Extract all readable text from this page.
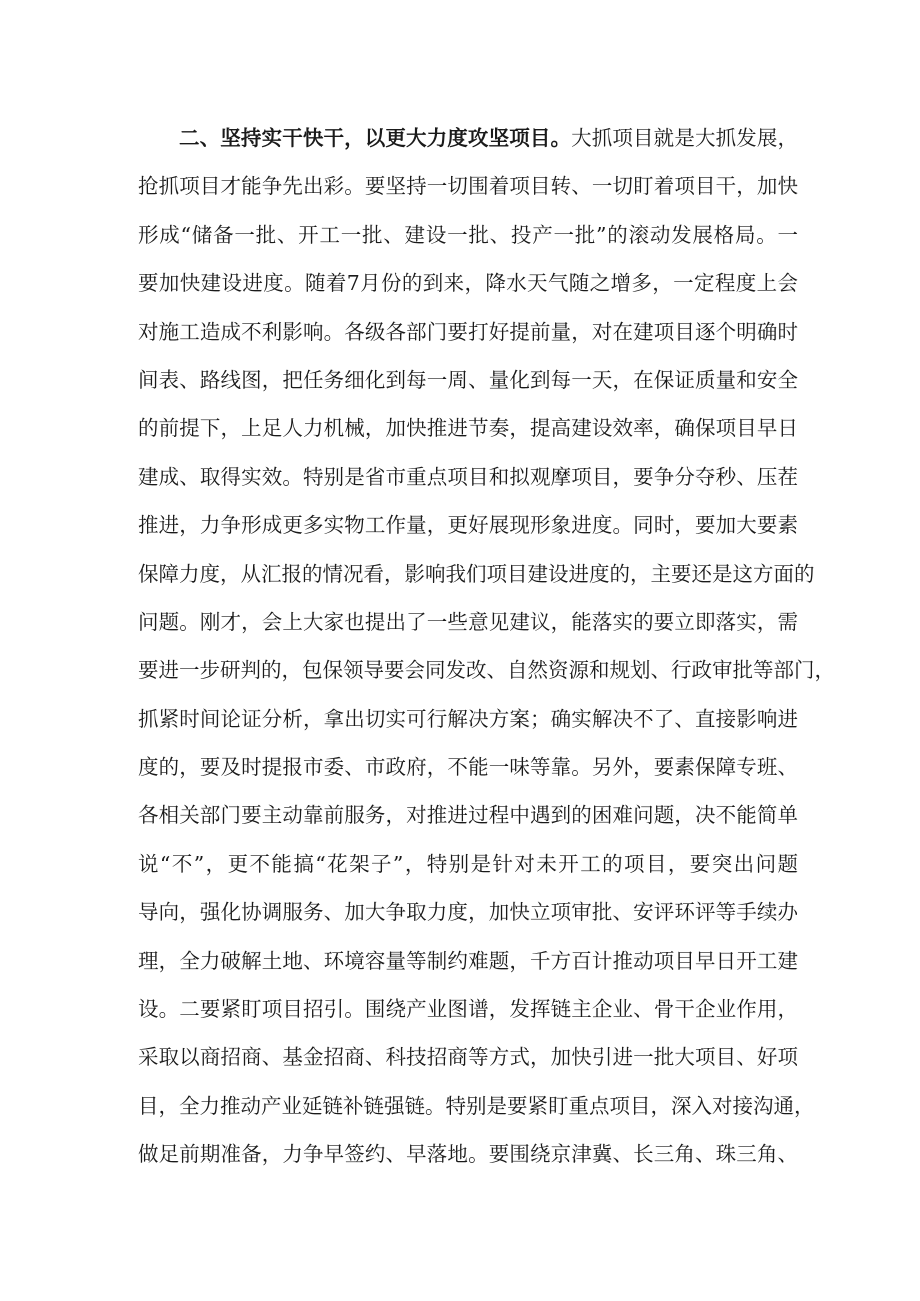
二、坚持实干快干，以更大力度攻坚项目。大抓项目就是大抓发展，
抢抓项目才能争先出彩。要坚持一切围着项目转、一切盯着项目干，加快
形成“储备一批、开工一批、建设一批、投产一批”的滚动发展格局。一
要加快建设进度。随着7月份的到来，降水天气随之增多，一定程度上会
对施工造成不利影响。各级各部门要打好提前量，对在建项目逐个明确时
间表、路线图，把任务细化到每一周、量化到每一天，在保证质量和安全
的前提下，上足人力机械，加快推进节奏，提高建设效率，确保项目早日
建成、取得实效。特别是省市重点项目和拟观摩项目，要争分夺秒、压茬
推进，力争形成更多实物工作量，更好展现形象进度。同时，要加大要素
保障力度，从汇报的情况看，影响我们项目建设进度的，主要还是这方面的
问题。刚才，会上大家也提出了一些意见建议，能落实的要立即落实，需
要进一步研判的，包保领导要会同发改、自然资源和规划、行政审批等部门，
抓紧时间论证分析，拿出切实可行解决方案；确实解决不了、直接影响进
度的，要及时提报市委、市政府，不能一味等靠。另外，要素保障专班、
各相关部门要主动靠前服务，对推进过程中遇到的困难问题，决不能简单
说“不”，更不能搞“花架子”，特别是针对未开工的项目，要突出问题
导向，强化协调服务、加大争取力度，加快立项审批、安评环评等手续办
理，全力破解土地、环境容量等制约难题，千方百计推动项目早日开工建
设。二要紧盯项目招引。围绕产业图谱，发挥链主企业、骨干企业作用，
采取以商招商、基金招商、科技招商等方式，加快引进一批大项目、好项
目，全力推动产业延链补链强链。特别是要紧盯重点项目，深入对接沟通，
做足前期准备，力争早签约、早落地。要围绕京津冀、长三角、珠三角、
